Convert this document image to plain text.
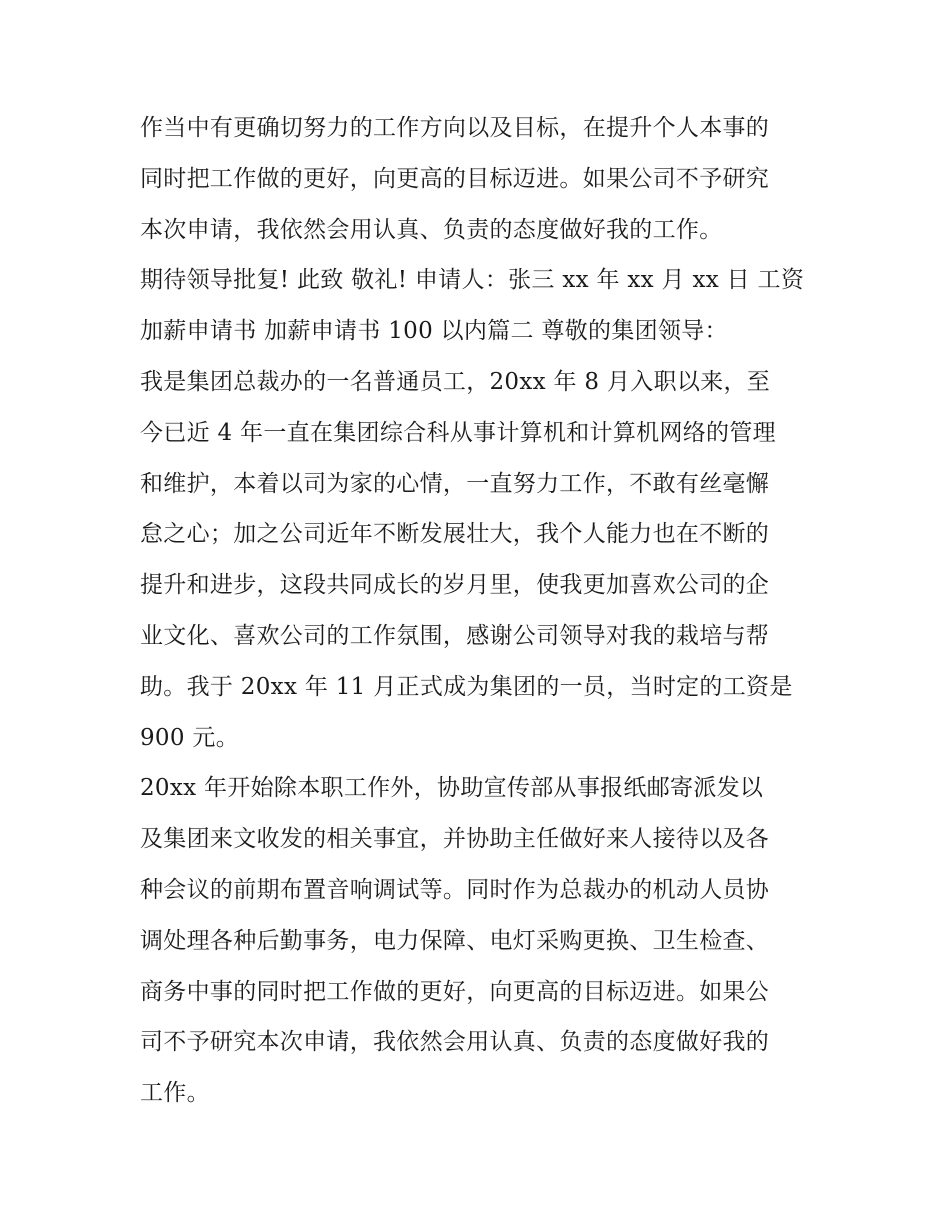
作当中有更确切努力的工作方向以及目标，在提升个人本事的
同时把工作做的更好，向更高的目标迈进。如果公司不予研究
本次申请，我依然会用认真、负责的态度做好我的工作。
期待领导批复! 此致 敬礼! 申请人：张三 xx 年 xx 月 xx 日 工资
加薪申请书 加薪申请书 100 以内篇二 尊敬的集团领导：
我是集团总裁办的一名普通员工，20xx 年 8 月入职以来，至
今已近 4 年一直在集团综合科从事计算机和计算机网络的管理
和维护，本着以司为家的心情，一直努力工作，不敢有丝毫懈
怠之心；加之公司近年不断发展壮大，我个人能力也在不断的
提升和进步，这段共同成长的岁月里，使我更加喜欢公司的企
业文化、喜欢公司的工作氛围，感谢公司领导对我的栽培与帮
助。我于 20xx 年 11 月正式成为集团的一员，当时定的工资是
900 元。
20xx 年开始除本职工作外，协助宣传部从事报纸邮寄派发以
及集团来文收发的相关事宜，并协助主任做好来人接待以及各
种会议的前期布置音响调试等。同时作为总裁办的机动人员协
调处理各种后勤事务，电力保障、电灯采购更换、卫生检查、
商务中事的同时把工作做的更好，向更高的目标迈进。如果公
司不予研究本次申请，我依然会用认真、负责的态度做好我的
工作。
